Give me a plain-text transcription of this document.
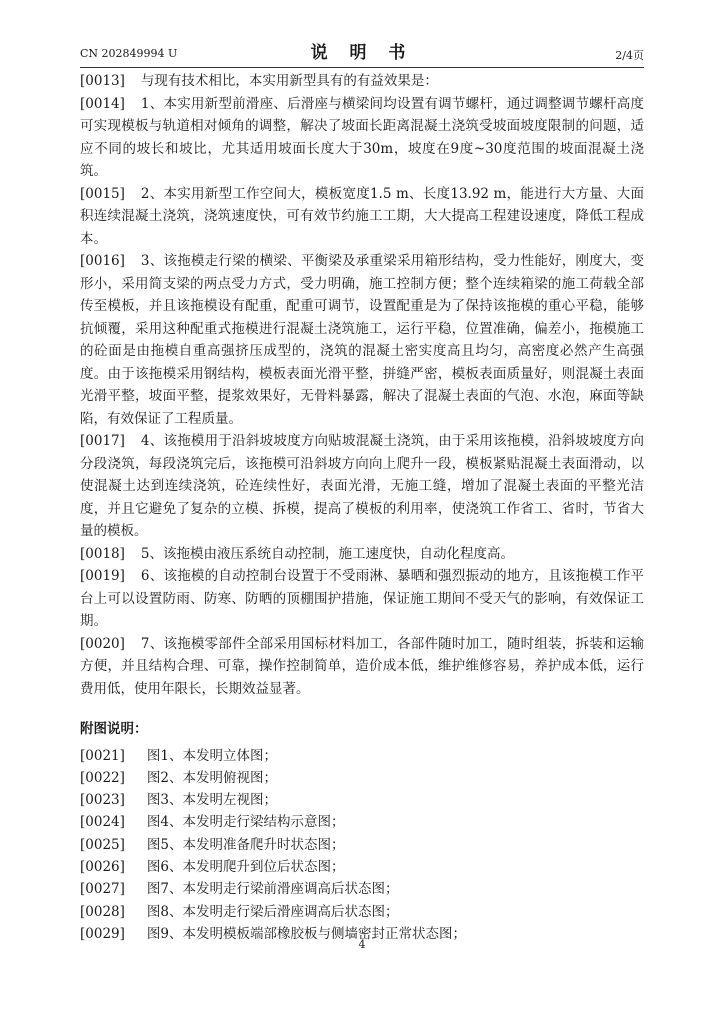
CN 202849994 U	说 明 书	2/4页

[0013] 与现有技术相比，本实用新型具有的有益效果是：

[0014] 1、本实用新型前滑座、后滑座与横梁间均设置有调节螺杆，通过调整调节螺杆高度可实现模板与轨道相对倾角的调整，解决了坡面长距离混凝土浇筑受坡面坡度限制的问题，适应不同的坡长和坡比，尤其适用坡面长度大于30m，坡度在9度~30度范围的坡面混凝土浇筑。

[0015] 2、本实用新型工作空间大，模板宽度1.5 m、长度13.92 m，能进行大方量、大面积连续混凝土浇筑，浇筑速度快，可有效节约施工工期，大大提高工程建设速度，降低工程成本。

[0016] 3、该拖模走行梁的横梁、平衡梁及承重梁采用箱形结构，受力性能好，刚度大，变形小，采用简支梁的两点受力方式，受力明确，施工控制方便；整个连续箱梁的施工荷载全部传至模板，并且该拖模设有配重，配重可调节，设置配重是为了保持该拖模的重心平稳，能够抗倾覆，采用这种配重式拖模进行混凝土浇筑施工，运行平稳，位置准确，偏差小，拖模施工的砼面是由拖模自重高强挤压成型的，浇筑的混凝土密实度高且均匀，高密度必然产生高强度。由于该拖模采用钢结构，模板表面光滑平整，拼缝严密，模板表面质量好，则混凝土表面光滑平整，坡面平整，提浆效果好，无骨料暴露，解决了混凝土表面的气泡、水泡，麻面等缺陷，有效保证了工程质量。

[0017] 4、该拖模用于沿斜坡坡度方向贴坡混凝土浇筑，由于采用该拖模，沿斜坡坡度方向分段浇筑，每段浇筑完后，该拖模可沿斜坡方向向上爬升一段，模板紧贴混凝土表面滑动，以使混凝土达到连续浇筑，砼连续性好，表面光滑，无施工缝，增加了混凝土表面的平整光洁度，并且它避免了复杂的立模、拆模，提高了模板的利用率，使浇筑工作省工、省时，节省大量的模板。

[0018] 5、该拖模由液压系统自动控制，施工速度快，自动化程度高。

[0019] 6、该拖模的自动控制台设置于不受雨淋、暴晒和强烈振动的地方，且该拖模工作平台上可以设置防雨、防寒、防晒的顶棚围护措施，保证施工期间不受天气的影响，有效保证工期。

[0020] 7、该拖模零部件全部采用国标材料加工，各部件随时加工，随时组装，拆装和运输方便，并且结构合理、可靠，操作控制简单，造价成本低，维护维修容易，养护成本低，运行费用低，使用年限长，长期效益显著。

附图说明：

[0021] 图1、本发明立体图；

[0022] 图2、本发明俯视图；

[0023] 图3、本发明左视图；

[0024] 图4、本发明走行梁结构示意图；

[0025] 图5、本发明准备爬升时状态图；

[0026] 图6、本发明爬升到位后状态图；

[0027] 图7、本发明走行梁前滑座调高后状态图；

[0028] 图8、本发明走行梁后滑座调高后状态图；

[0029] 图9、本发明模板端部橡胶板与侧墙密封正常状态图；

4
